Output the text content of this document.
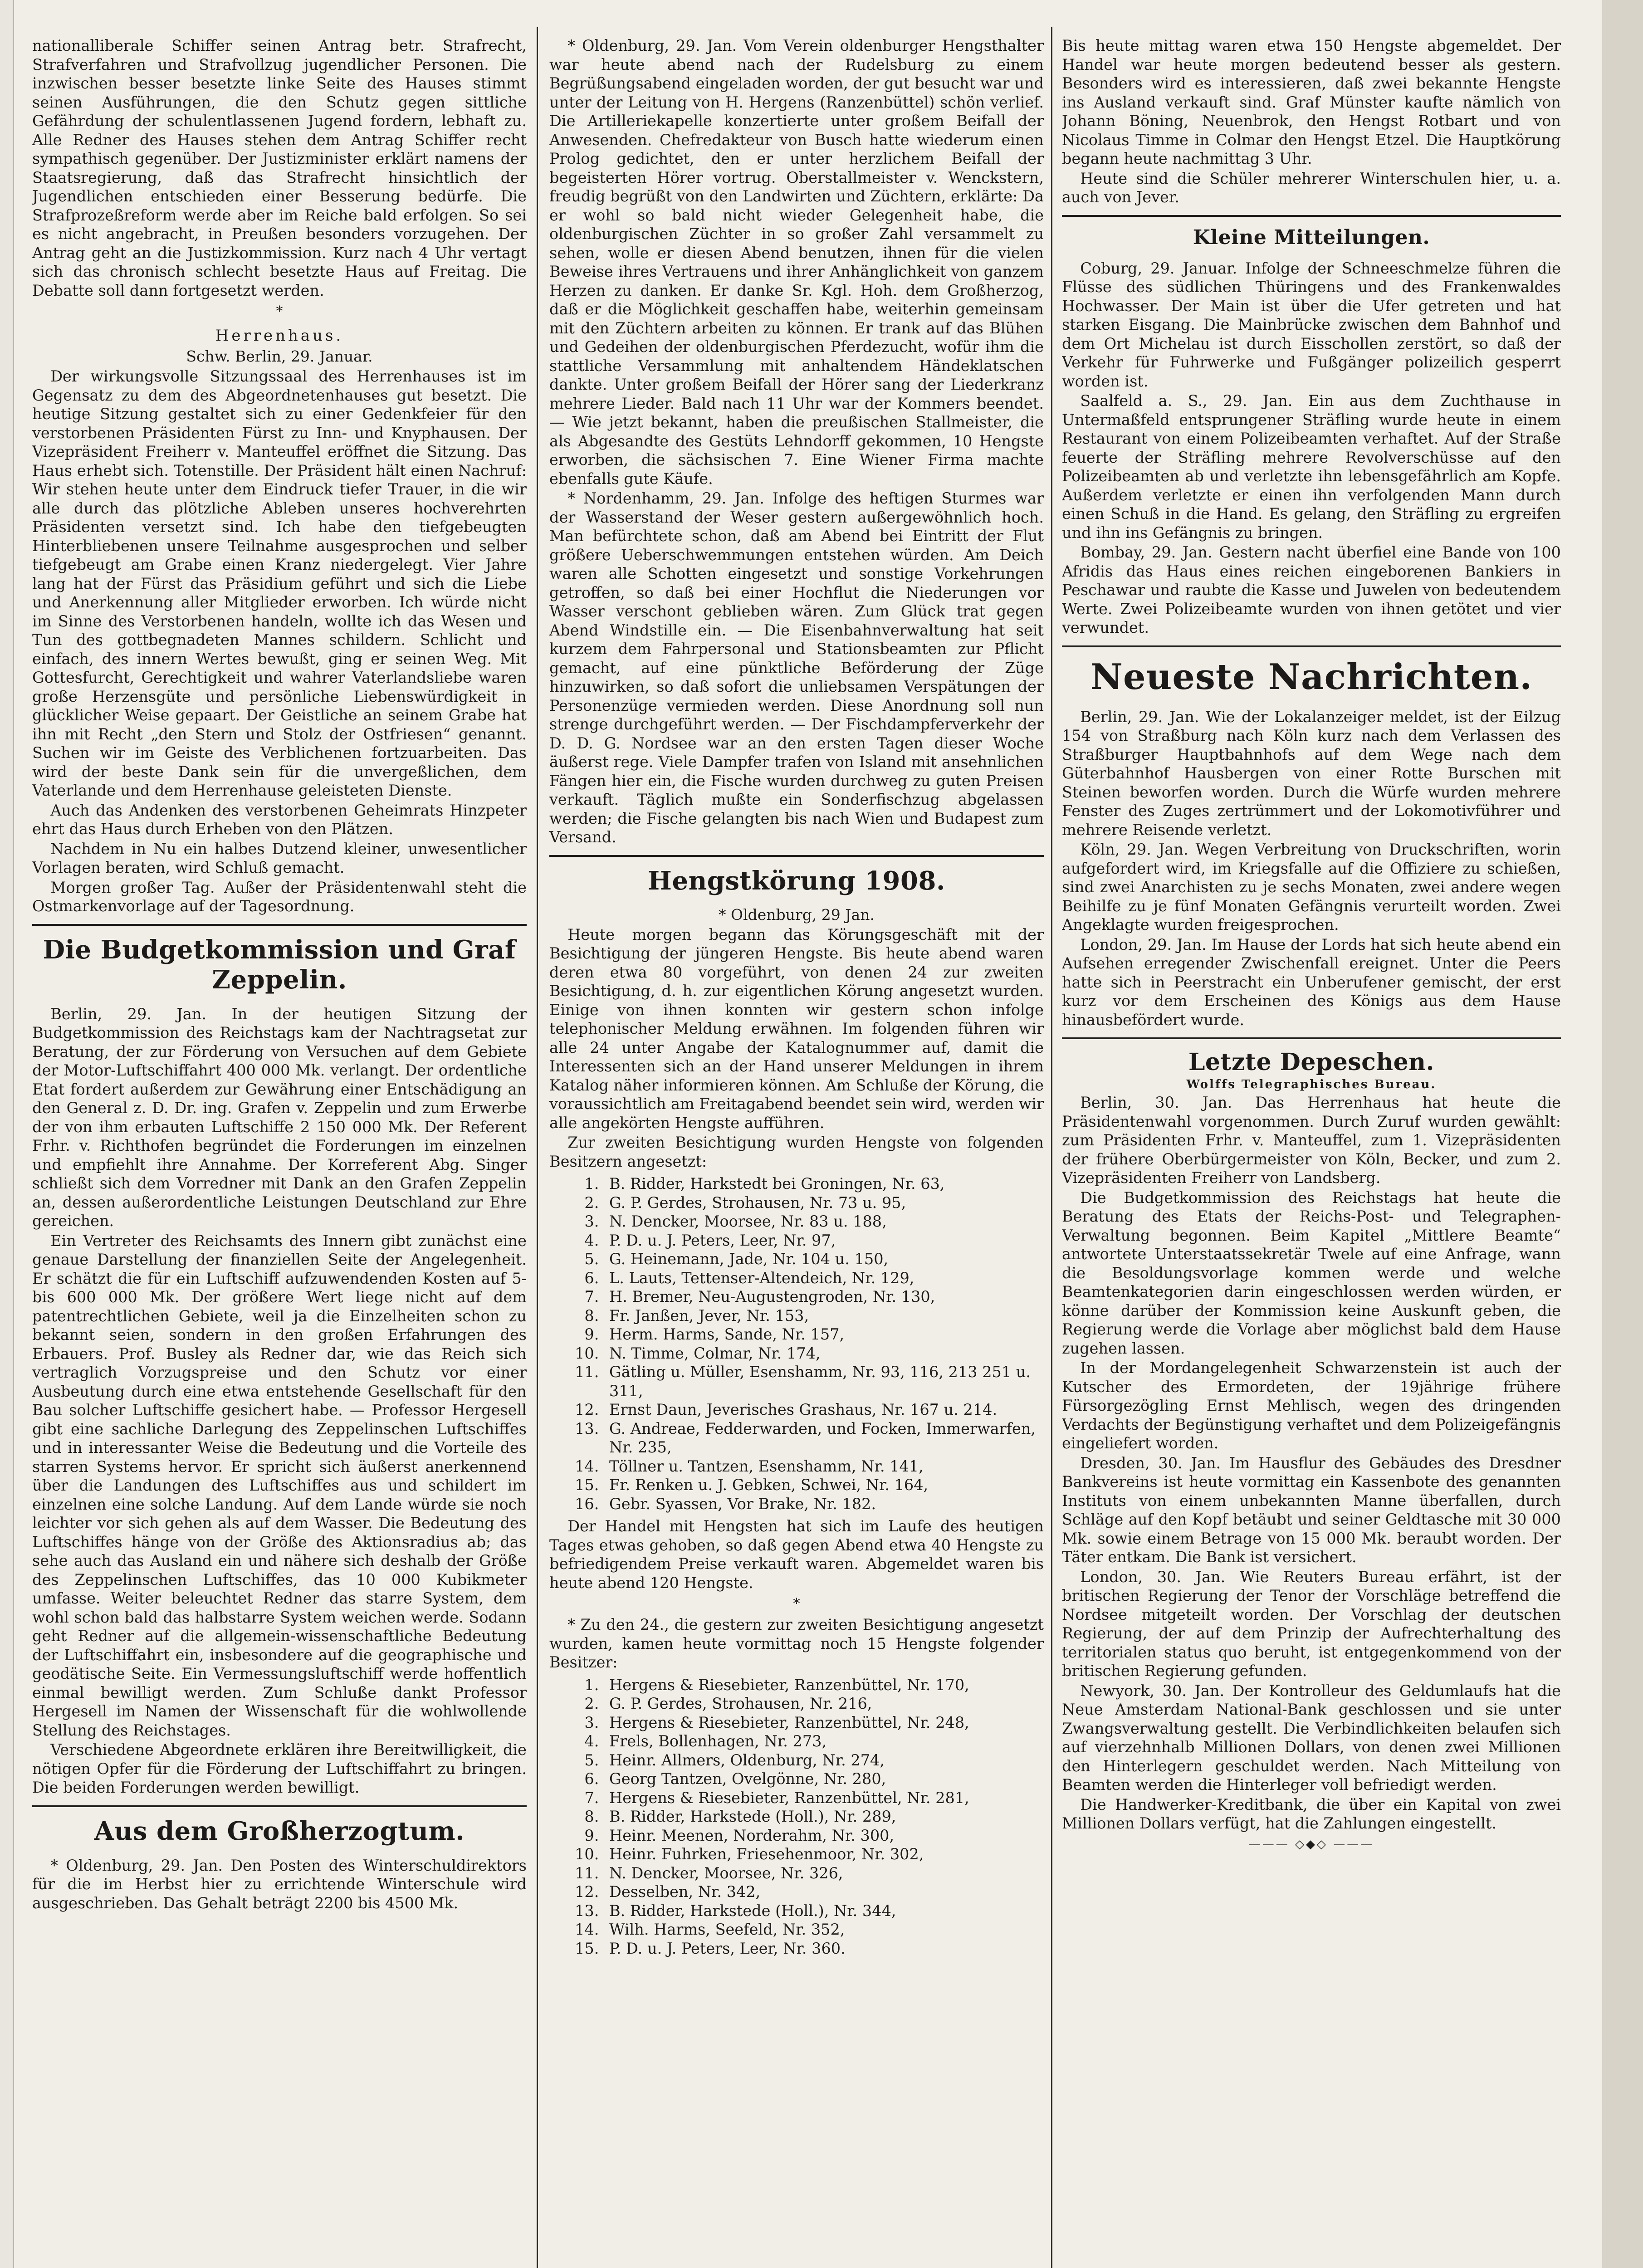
nationalliberale Schiffer seinen Antrag betr. Strafrecht, Strafverfahren und Strafvollzug jugendlicher Personen. Die inzwischen besser besetzte linke Seite des Hauses stimmt seinen Ausführungen, die den Schutz gegen sittliche Gefährdung der schulentlassenen Jugend fordern, lebhaft zu. Alle Redner des Hauses stehen dem Antrag Schiffer recht sympathisch gegenüber. Der Justizminister erklärt namens der Staatsregierung, daß das Strafrecht hinsichtlich der Jugendlichen entschieden einer Besserung bedürfe. Die Strafprozeßreform werde aber im Reiche bald erfolgen. So sei es nicht angebracht, in Preußen besonders vorzugehen. Der Antrag geht an die Justizkommission. Kurz nach 4 Uhr vertagt sich das chronisch schlecht besetzte Haus auf Freitag. Die Debatte soll dann fortgesetzt werden.

*
Herrenhaus.
Schw. Berlin, 29. Januar.

Der wirkungsvolle Sitzungssaal des Herrenhauses ist im Gegensatz zu dem des Abgeordnetenhauses gut besetzt. Die heutige Sitzung gestaltet sich zu einer Gedenkfeier für den verstorbenen Präsidenten Fürst zu Inn- und Knyphausen. Der Vizepräsident Freiherr v. Manteuffel eröffnet die Sitzung. Das Haus erhebt sich. Totenstille. Der Präsident hält einen Nachruf: Wir stehen heute unter dem Eindruck tiefer Trauer, in die wir alle durch das plötzliche Ableben unseres hochverehrten Präsidenten versetzt sind. Ich habe den tiefgebeugten Hinterbliebenen unsere Teilnahme ausgesprochen und selber tiefgebeugt am Grabe einen Kranz niedergelegt. Vier Jahre lang hat der Fürst das Präsidium geführt und sich die Liebe und Anerkennung aller Mitglieder erworben. Ich würde nicht im Sinne des Verstorbenen handeln, wollte ich das Wesen und Tun des gottbegnadeten Mannes schildern. Schlicht und einfach, des innern Wertes bewußt, ging er seinen Weg. Mit Gottesfurcht, Gerechtigkeit und wahrer Vaterlandsliebe waren große Herzensgüte und persönliche Liebenswürdigkeit in glücklicher Weise gepaart. Der Geistliche an seinem Grabe hat ihn mit Recht „den Stern und Stolz der Ostfriesen“ genannt. Suchen wir im Geiste des Verblichenen fortzuarbeiten. Das wird der beste Dank sein für die unvergeßlichen, dem Vaterlande und dem Herrenhause geleisteten Dienste.

Auch das Andenken des verstorbenen Geheimrats Hinzpeter ehrt das Haus durch Erheben von den Plätzen.

Nachdem in Nu ein halbes Dutzend kleiner, unwesentlicher Vorlagen beraten, wird Schluß gemacht.

Morgen großer Tag. Außer der Präsidentenwahl steht die Ostmarkenvorlage auf der Tagesordnung.

Die Budgetkommission und Graf Zeppelin.

Berlin, 29. Jan. In der heutigen Sitzung der Budgetkommission des Reichstags kam der Nachtragsetat zur Beratung, der zur Förderung von Versuchen auf dem Gebiete der Motor-Luftschiffahrt 400 000 Mk. verlangt. Der ordentliche Etat fordert außerdem zur Gewährung einer Entschädigung an den General z. D. Dr. ing. Grafen v. Zeppelin und zum Erwerbe der von ihm erbauten Luftschiffe 2 150 000 Mk. Der Referent Frhr. v. Richthofen begründet die Forderungen im einzelnen und empfiehlt ihre Annahme. Der Korreferent Abg. Singer schließt sich dem Vorredner mit Dank an den Grafen Zeppelin an, dessen außerordentliche Leistungen Deutschland zur Ehre gereichen.

Ein Vertreter des Reichsamts des Innern gibt zunächst eine genaue Darstellung der finanziellen Seite der Angelegenheit. Er schätzt die für ein Luftschiff aufzuwendenden Kosten auf 5- bis 600 000 Mk. Der größere Wert liege nicht auf dem patentrechtlichen Gebiete, weil ja die Einzelheiten schon zu bekannt seien, sondern in den großen Erfahrungen des Erbauers. Prof. Busley als Redner dar, wie das Reich sich vertraglich Vorzugspreise und den Schutz vor einer Ausbeutung durch eine etwa entstehende Gesellschaft für den Bau solcher Luftschiffe gesichert habe. — Professor Hergesell gibt eine sachliche Darlegung des Zeppelinschen Luftschiffes und in interessanter Weise die Bedeutung und die Vorteile des starren Systems hervor. Er spricht sich äußerst anerkennend über die Landungen des Luftschiffes aus und schildert im einzelnen eine solche Landung. Auf dem Lande würde sie noch leichter vor sich gehen als auf dem Wasser. Die Bedeutung des Luftschiffes hänge von der Größe des Aktionsradius ab; das sehe auch das Ausland ein und nähere sich deshalb der Größe des Zeppelinschen Luftschiffes, das 10 000 Kubikmeter umfasse. Weiter beleuchtet Redner das starre System, dem wohl schon bald das halbstarre System weichen werde. Sodann geht Redner auf die allgemein-wissenschaftliche Bedeutung der Luftschiffahrt ein, insbesondere auf die geographische und geodätische Seite. Ein Vermessungsluftschiff werde hoffentlich einmal bewilligt werden. Zum Schluße dankt Professor Hergesell im Namen der Wissenschaft für die wohlwollende Stellung des Reichstages.

Verschiedene Abgeordnete erklären ihre Bereitwilligkeit, die nötigen Opfer für die Förderung der Luftschiffahrt zu bringen. Die beiden Forderungen werden bewilligt.

Aus dem Großherzogtum.

* Oldenburg, 29. Jan. Den Posten des Winterschuldirektors für die im Herbst hier zu errichtende Winterschule wird ausgeschrieben. Das Gehalt beträgt 2200 bis 4500 Mk.

* Oldenburg, 29. Jan. Vom Verein oldenburger Hengsthalter war heute abend nach der Rudelsburg zu einem Begrüßungsabend eingeladen worden, der gut besucht war und unter der Leitung von H. Hergens (Ranzenbüttel) schön verlief. Die Artilleriekapelle konzertierte unter großem Beifall der Anwesenden. Chefredakteur von Busch hatte wiederum einen Prolog gedichtet, den er unter herzlichem Beifall der begeisterten Hörer vortrug. Oberstallmeister v. Wenckstern, freudig begrüßt von den Landwirten und Züchtern, erklärte: Da er wohl so bald nicht wieder Gelegenheit habe, die oldenburgischen Züchter in so großer Zahl versammelt zu sehen, wolle er diesen Abend benutzen, ihnen für die vielen Beweise ihres Vertrauens und ihrer Anhänglichkeit von ganzem Herzen zu danken. Er danke Sr. Kgl. Hoh. dem Großherzog, daß er die Möglichkeit geschaffen habe, weiterhin gemeinsam mit den Züchtern arbeiten zu können. Er trank auf das Blühen und Gedeihen der oldenburgischen Pferdezucht, wofür ihm die stattliche Versammlung mit anhaltendem Händeklatschen dankte. Unter großem Beifall der Hörer sang der Liederkranz mehrere Lieder. Bald nach 11 Uhr war der Kommers beendet. — Wie jetzt bekannt, haben die preußischen Stallmeister, die als Abgesandte des Gestüts Lehndorff gekommen, 10 Hengste erworben, die sächsischen 7. Eine Wiener Firma machte ebenfalls gute Käufe.

* Nordenhamm, 29. Jan. Infolge des heftigen Sturmes war der Wasserstand der Weser gestern außergewöhnlich hoch. Man befürchtete schon, daß am Abend bei Eintritt der Flut größere Ueberschwemmungen entstehen würden. Am Deich waren alle Schotten eingesetzt und sonstige Vorkehrungen getroffen, so daß bei einer Hochflut die Niederungen vor Wasser verschont geblieben wären. Zum Glück trat gegen Abend Windstille ein. — Die Eisenbahnverwaltung hat seit kurzem dem Fahrpersonal und Stationsbeamten zur Pflicht gemacht, auf eine pünktliche Beförderung der Züge hinzuwirken, so daß sofort die unliebsamen Verspätungen der Personenzüge vermieden werden. Diese Anordnung soll nun strenge durchgeführt werden. — Der Fischdampferverkehr der D. D. G. Nordsee war an den ersten Tagen dieser Woche äußerst rege. Viele Dampfer trafen von Island mit ansehnlichen Fängen hier ein, die Fische wurden durchweg zu guten Preisen verkauft. Täglich mußte ein Sonderfischzug abgelassen werden; die Fische gelangten bis nach Wien und Budapest zum Versand.

Hengstkörung 1908.
* Oldenburg, 29 Jan.

Heute morgen begann das Körungsgeschäft mit der Besichtigung der jüngeren Hengste. Bis heute abend waren deren etwa 80 vorgeführt, von denen 24 zur zweiten Besichtigung, d. h. zur eigentlichen Körung angesetzt wurden. Einige von ihnen konnten wir gestern schon infolge telephonischer Meldung erwähnen. Im folgenden führen wir alle 24 unter Angabe der Katalognummer auf, damit die Interessenten sich an der Hand unserer Meldungen in ihrem Katalog näher informieren können. Am Schluße der Körung, die voraussichtlich am Freitagabend beendet sein wird, werden wir alle angekörten Hengste aufführen.

Zur zweiten Besichtigung wurden Hengste von folgenden Besitzern angesetzt:

1. B. Ridder, Harkstedt bei Groningen, Nr. 63,
2. G. P. Gerdes, Strohausen, Nr. 73 u. 95,
3. N. Dencker, Moorsee, Nr. 83 u. 188,
4. P. D. u. J. Peters, Leer, Nr. 97,
5. G. Heinemann, Jade, Nr. 104 u. 150,
6. L. Lauts, Tettenser-Altendeich, Nr. 129,
7. H. Bremer, Neu-Augustengroden, Nr. 130,
8. Fr. Janßen, Jever, Nr. 153,
9. Herm. Harms, Sande, Nr. 157,
10. N. Timme, Colmar, Nr. 174,
11. Gätling u. Müller, Esenshamm, Nr. 93, 116, 213 251 u. 311,
12. Ernst Daun, Jeverisches Grashaus, Nr. 167 u. 214.
13. G. Andreae, Fedderwarden, und Focken, Immerwarfen, Nr. 235,
14. Töllner u. Tantzen, Esenshamm, Nr. 141,
15. Fr. Renken u. J. Gebken, Schwei, Nr. 164,
16. Gebr. Syassen, Vor Brake, Nr. 182.

Der Handel mit Hengsten hat sich im Laufe des heutigen Tages etwas gehoben, so daß gegen Abend etwa 40 Hengste zu befriedigendem Preise verkauft waren. Abgemeldet waren bis heute abend 120 Hengste.

*

* Zu den 24., die gestern zur zweiten Besichtigung angesetzt wurden, kamen heute vormittag noch 15 Hengste folgender Besitzer:

1. Hergens & Riesebieter, Ranzenbüttel, Nr. 170,
2. G. P. Gerdes, Strohausen, Nr. 216,
3. Hergens & Riesebieter, Ranzenbüttel, Nr. 248,
4. Frels, Bollenhagen, Nr. 273,
5. Heinr. Allmers, Oldenburg, Nr. 274,
6. Georg Tantzen, Ovelgönne, Nr. 280,
7. Hergens & Riesebieter, Ranzenbüttel, Nr. 281,
8. B. Ridder, Harkstede (Holl.), Nr. 289,
9. Heinr. Meenen, Norderahm, Nr. 300,
10. Heinr. Fuhrken, Friesehenmoor, Nr. 302,
11. N. Dencker, Moorsee, Nr. 326,
12. Desselben, Nr. 342,
13. B. Ridder, Harkstede (Holl.), Nr. 344,
14. Wilh. Harms, Seefeld, Nr. 352,
15. P. D. u. J. Peters, Leer, Nr. 360.

Bis heute mittag waren etwa 150 Hengste abgemeldet. Der Handel war heute morgen bedeutend besser als gestern. Besonders wird es interessieren, daß zwei bekannte Hengste ins Ausland verkauft sind. Graf Münster kaufte nämlich von Johann Böning, Neuenbrok, den Hengst Rotbart und von Nicolaus Timme in Colmar den Hengst Etzel. Die Hauptkörung begann heute nachmittag 3 Uhr.

Heute sind die Schüler mehrerer Winterschulen hier, u. a. auch von Jever.

Kleine Mitteilungen.

Coburg, 29. Januar. Infolge der Schneeschmelze führen die Flüsse des südlichen Thüringens und des Frankenwaldes Hochwasser. Der Main ist über die Ufer getreten und hat starken Eisgang. Die Mainbrücke zwischen dem Bahnhof und dem Ort Michelau ist durch Eisschollen zerstört, so daß der Verkehr für Fuhrwerke und Fußgänger polizeilich gesperrt worden ist.

Saalfeld a. S., 29. Jan. Ein aus dem Zuchthause in Untermaßfeld entsprungener Sträfling wurde heute in einem Restaurant von einem Polizeibeamten verhaftet. Auf der Straße feuerte der Sträfling mehrere Revolverschüsse auf den Polizeibeamten ab und verletzte ihn lebensgefährlich am Kopfe. Außerdem verletzte er einen ihn verfolgenden Mann durch einen Schuß in die Hand. Es gelang, den Sträfling zu ergreifen und ihn ins Gefängnis zu bringen.

Bombay, 29. Jan. Gestern nacht überfiel eine Bande von 100 Afridis das Haus eines reichen eingeborenen Bankiers in Peschawar und raubte die Kasse und Juwelen von bedeutendem Werte. Zwei Polizeibeamte wurden von ihnen getötet und vier verwundet.

Neueste Nachrichten.

Berlin, 29. Jan. Wie der Lokalanzeiger meldet, ist der Eilzug 154 von Straßburg nach Köln kurz nach dem Verlassen des Straßburger Hauptbahnhofs auf dem Wege nach dem Güterbahnhof Hausbergen von einer Rotte Burschen mit Steinen beworfen worden. Durch die Würfe wurden mehrere Fenster des Zuges zertrümmert und der Lokomotivführer und mehrere Reisende verletzt.

Köln, 29. Jan. Wegen Verbreitung von Druckschriften, worin aufgefordert wird, im Kriegsfalle auf die Offiziere zu schießen, sind zwei Anarchisten zu je sechs Monaten, zwei andere wegen Beihilfe zu je fünf Monaten Gefängnis verurteilt worden. Zwei Angeklagte wurden freigesprochen.

London, 29. Jan. Im Hause der Lords hat sich heute abend ein Aufsehen erregender Zwischenfall ereignet. Unter die Peers hatte sich in Peerstracht ein Unberufener gemischt, der erst kurz vor dem Erscheinen des Königs aus dem Hause hinausbefördert wurde.

Letzte Depeschen.
Wolffs Telegraphisches Bureau.

Berlin, 30. Jan. Das Herrenhaus hat heute die Präsidentenwahl vorgenommen. Durch Zuruf wurden gewählt: zum Präsidenten Frhr. v. Manteuffel, zum 1. Vizepräsidenten der frühere Oberbürgermeister von Köln, Becker, und zum 2. Vizepräsidenten Freiherr von Landsberg.

Die Budgetkommission des Reichstags hat heute die Beratung des Etats der Reichs-Post- und Telegraphen-Verwaltung begonnen. Beim Kapitel „Mittlere Beamte“ antwortete Unterstaatssekretär Twele auf eine Anfrage, wann die Besoldungsvorlage kommen werde und welche Beamtenkategorien darin eingeschlossen werden würden, er könne darüber der Kommission keine Auskunft geben, die Regierung werde die Vorlage aber möglichst bald dem Hause zugehen lassen.

In der Mordangelegenheit Schwarzenstein ist auch der Kutscher des Ermordeten, der 19jährige frühere Fürsorgezögling Ernst Mehlisch, wegen des dringenden Verdachts der Begünstigung verhaftet und dem Polizeigefängnis eingeliefert worden.

Dresden, 30. Jan. Im Hausflur des Gebäudes des Dresdner Bankvereins ist heute vormittag ein Kassenbote des genannten Instituts von einem unbekannten Manne überfallen, durch Schläge auf den Kopf betäubt und seiner Geldtasche mit 30 000 Mk. sowie einem Betrage von 15 000 Mk. beraubt worden. Der Täter entkam. Die Bank ist versichert.

London, 30. Jan. Wie Reuters Bureau erfährt, ist der britischen Regierung der Tenor der Vorschläge betreffend die Nordsee mitgeteilt worden. Der Vorschlag der deutschen Regierung, der auf dem Prinzip der Aufrechterhaltung des territorialen status quo beruht, ist entgegenkommend von der britischen Regierung gefunden.

Newyork, 30. Jan. Der Kontrolleur des Geldumlaufs hat die Neue Amsterdam National-Bank geschlossen und sie unter Zwangsverwaltung gestellt. Die Verbindlichkeiten belaufen sich auf vierzehnhalb Millionen Dollars, von denen zwei Millionen den Hinterlegern geschuldet werden. Nach Mitteilung von Beamten werden die Hinterleger voll befriedigt werden.

Die Handwerker-Kreditbank, die über ein Kapital von zwei Millionen Dollars verfügt, hat die Zahlungen eingestellt.

——— ◇◆◇ ———
